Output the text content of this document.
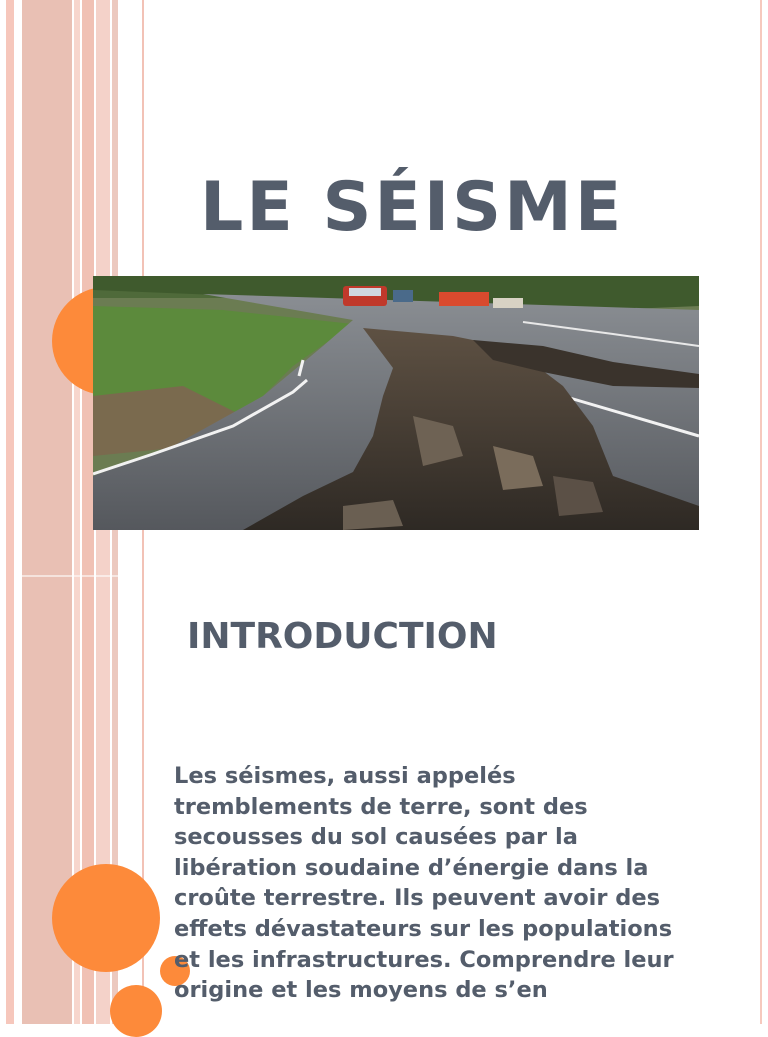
LE SÉISME
INTRODUCTION

Les séismes, aussi appelés tremblements de terre, sont des secousses du sol causées par la libération soudaine d’énergie dans la croûte terrestre. Ils peuvent avoir des effets dévastateurs sur les populations et les infrastructures. Comprendre leur origine et les moyens de s’en
